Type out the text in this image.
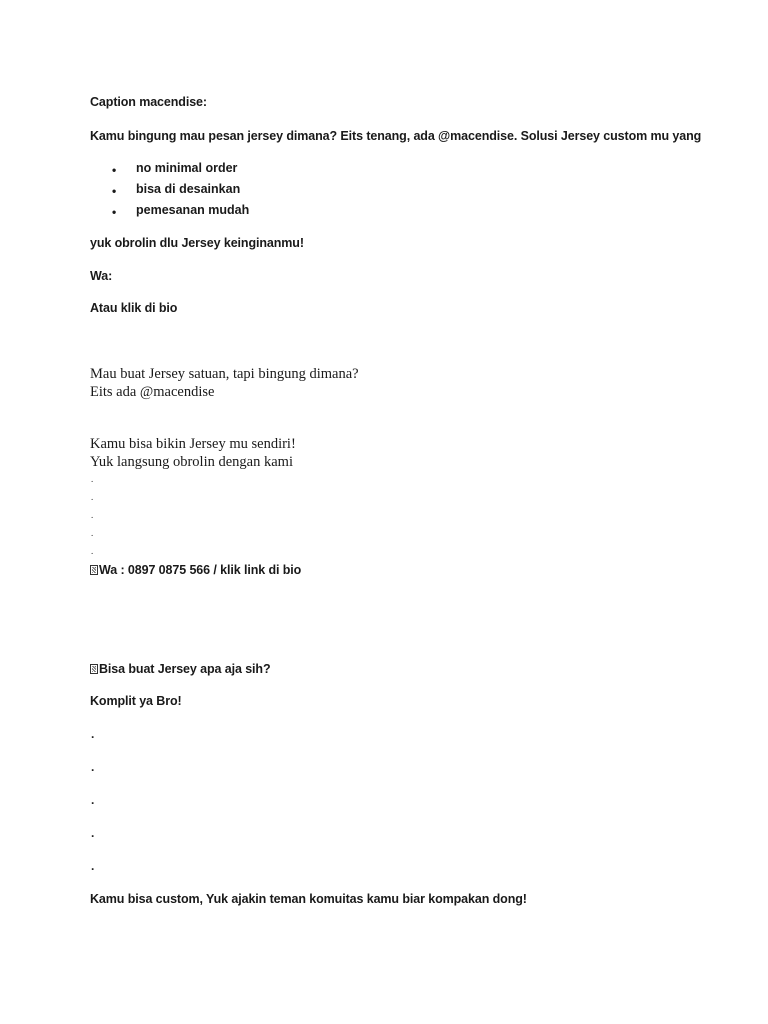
Caption macendise:
Kamu bingung mau pesan jersey dimana? Eits tenang, ada @macendise. Solusi Jersey custom mu yang
• no minimal order
• bisa di desainkan
• pemesanan mudah
yuk obrolin dlu Jersey keinginanmu!
Wa:
Atau klik di bio
Mau buat Jersey satuan, tapi bingung dimana?
Eits ada @macendise
Kamu bisa bikin Jersey mu sendiri!
Yuk langsung obrolin dengan kami
.
.
.
.
.
Wa : 0897 0875 566 / klik link di bio
Bisa buat Jersey apa aja sih?
Komplit ya Bro!
.
.
.
.
.
Kamu bisa custom, Yuk ajakin teman komuitas kamu biar kompakan dong!
